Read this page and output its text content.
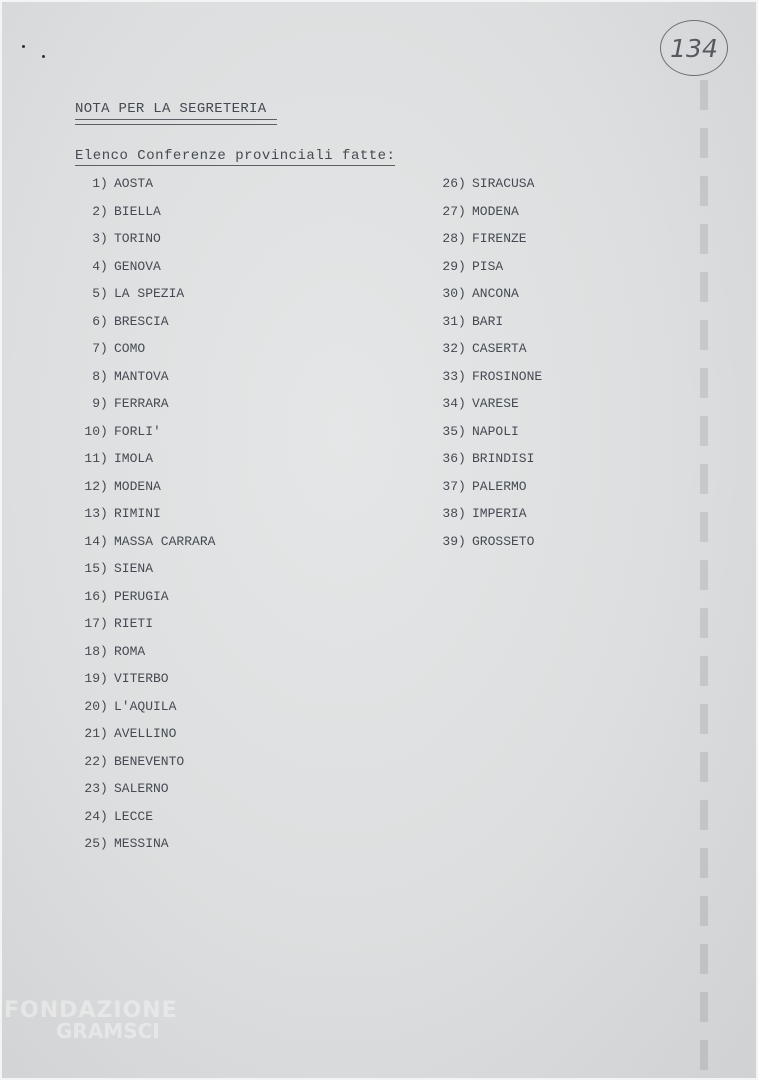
134
NOTA PER LA SEGRETERIA
Elenco Conferenze provinciali fatte:
1) AOSTA
2) BIELLA
3) TORINO
4) GENOVA
5) LA SPEZIA
6) BRESCIA
7) COMO
8) MANTOVA
9) FERRARA
10) FORLI'
11) IMOLA
12) MODENA
13) RIMINI
14) MASSA CARRARA
15) SIENA
16) PERUGIA
17) RIETI
18) ROMA
19) VITERBO
20) L'AQUILA
21) AVELLINO
22) BENEVENTO
23) SALERNO
24) LECCE
25) MESSINA
26) SIRACUSA
27) MODENA
28) FIRENZE
29) PISA
30) ANCONA
31) BARI
32) CASERTA
33) FROSINONE
34) VARESE
35) NAPOLI
36) BRINDISI
37) PALERMO
38) IMPERIA
39) GROSSETO
FONDAZIONE
GRAMSCI
